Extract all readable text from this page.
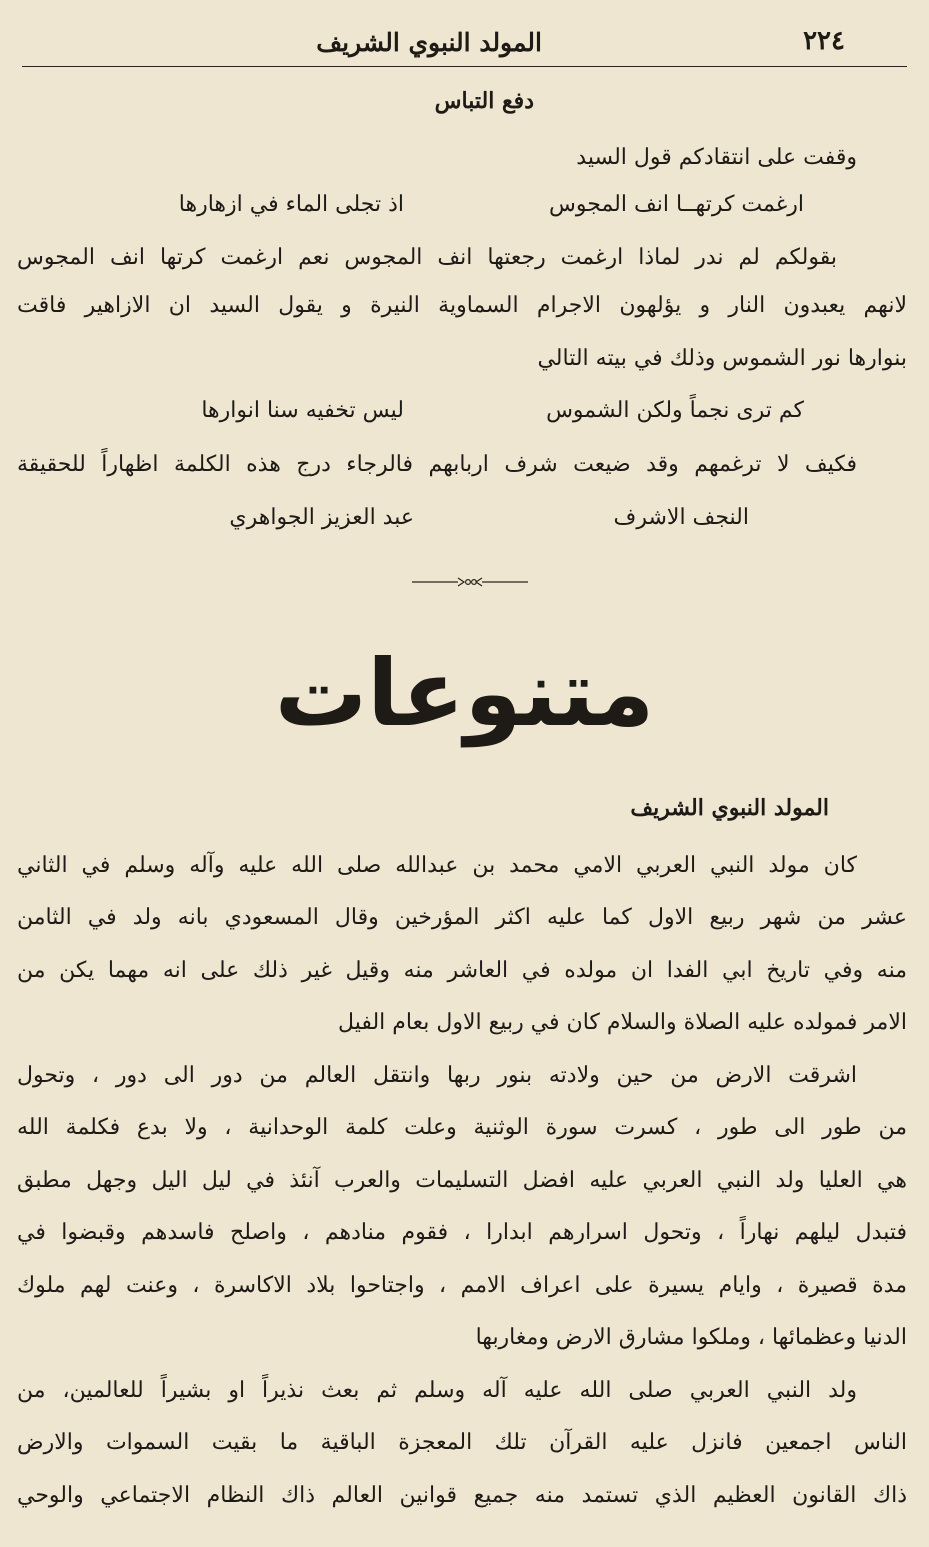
المولد النبوي الشريف	٢٢٤
دفع التباس
وقفت على انتقادكم قول السيد
ارغمت كرتهــا انف المجوس
اذ تجلى الماء في ازهارها
بقولكم لم ندر لماذا ارغمت رجعتها انف المجوس نعم ارغمت كرتها انف المجوس
لانهم يعبدون النار و يؤلهون الاجرام السماوية النيرة و يقول السيد ان الازاهير فاقت
بنوارها نور الشموس وذلك في بيته التالي
كم ترى نجماً ولكن الشموس
ليس تخفيه سنا انوارها
فكيف لا ترغمهم وقد ضيعت شرف اربابهم فالرجاء درج هذه الكلمة اظهاراً للحقيقة
النجف الاشرف
عبد العزيز الجواهري
متنوعات
المولد النبوي الشريف
كان مولد النبي العربي الامي محمد بن عبدالله صلى الله عليه وآله وسلم في الثاني
عشر من شهر ربيع الاول كما عليه اكثر المؤرخين وقال المسعودي بانه ولد في الثامن
منه وفي تاريخ ابي الفدا ان مولده في العاشر منه وقيل غير ذلك على انه مهما يكن من
الامر فمولده عليه الصلاة والسلام كان في ربيع الاول بعام الفيل
اشرقت الارض من حين ولادته بنور ربها وانتقل العالم من دور الى دور ، وتحول
من طور الى طور ، كسرت سورة الوثنية وعلت كلمة الوحدانية ، ولا بدع فكلمة الله
هي العليا ولد النبي العربي عليه افضل التسليمات والعرب آنئذ في ليل اليل وجهل مطبق
فتبدل ليلهم نهاراً ، وتحول اسرارهم ابدارا ، فقوم منادهم ، واصلح فاسدهم وقبضوا في
مدة قصيرة ، وايام يسيرة على اعراف الامم ، واجتاحوا بلاد الاكاسرة ، وعنت لهم ملوك
الدنيا وعظمائها ، وملكوا مشارق الارض ومغاربها
ولد النبي العربي صلى الله عليه آله وسلم ثم بعث نذيراً او بشيراً للعالمين، من
الناس اجمعين فانزل عليه القرآن تلك المعجزة الباقية ما بقيت السموات والارض
ذاك القانون العظيم الذي تستمد منه جميع قوانين العالم ذاك النظام الاجتماعي والوحي
